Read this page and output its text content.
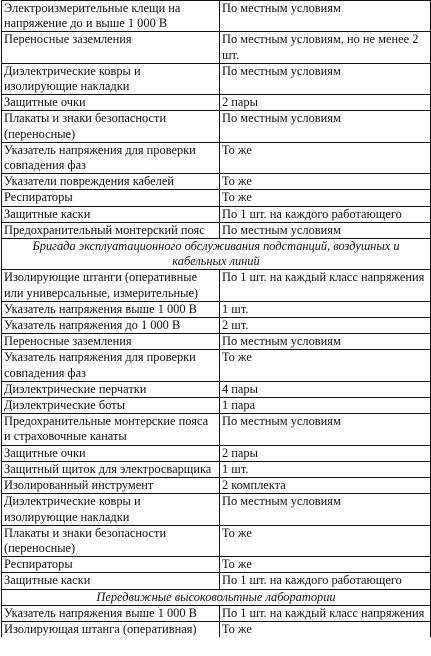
Электроизмерительные клещи на напряжение до и выше 1 000 В	По местным условиям
Переносные заземления	По местным условиям, но не менее 2 шт.
Диэлектрические ковры и изолирующие накладки	По местным условиям
Защитные очки	2 пары
Плакаты и знаки безопасности (переносные)	По местным условиям
Указатель напряжения для проверки совпадения фаз	То же
Указатели повреждения кабелей	То же
Респираторы	То же
Защитные каски	По 1 шт. на каждого работающего
Предохранительный монтерский пояс	По местным условиям
Бригада эксплуатационного обслуживания подстанций, воздушных и кабельных линий	
Изолирующие штанги (оперативные или универсальные, измерительные)	По 1 шт. на каждый класс напряжения
Указатель напряжения выше 1 000 В	1 шт.
Указатель напряжения до 1 000 В	2 шт.
Переносные заземления	По местным условиям
Указатель напряжения для проверки совпадения фаз	То же
Диэлектрические перчатки	4 пары
Диэлектрические боты	1 пара
Предохранительные монтерские пояса и страховочные канаты	По местным условиям
Защитные очки	2 пары
Защитный щиток для электросварщика	1 шт.
Изолированный инструмент	2 комплекта
Диэлектрические ковры и изолирующие накладки	По местным условиям
Плакаты и знаки безопасности (переносные)	То же
Респираторы	То же
Защитные каски	По 1 шт. на каждого работающего
Передвижные высоковольтные лаборатории	
Указатель напряжения выше 1 000 В	По 1 шт. на каждый класс напряжения
Изолирующая штанга (оперативная)	То же
